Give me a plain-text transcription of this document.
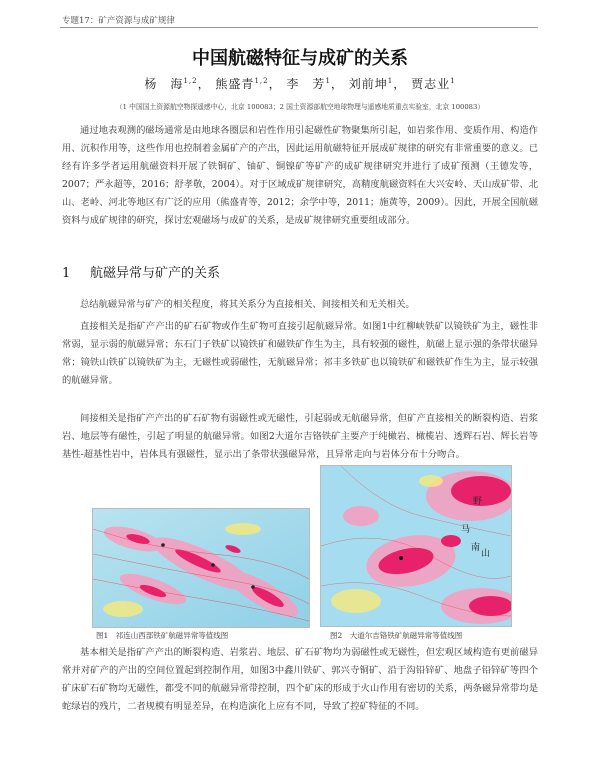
专题17：矿产资源与成矿规律
中国航磁特征与成矿的关系
杨　海$^{1,2}$， 熊盛青$^{1,2}$， 李　芳$^1$， 刘前坤$^1$， 贾志业$^1$
（1 中国国土资源航空物探遥感中心，北京 100083；2 国土资源部航空地球物理与遥感地质重点实验室，北京 100083）

通过地表观测的磁场通常是由地球各圈层和岩性作用引起磁性矿物聚集所引起，如岩浆作用、变质作用、构造作用、沉积作用等，这些作用也控制着金属矿产的产出，因此运用航磁特征开展成矿规律的研究有非常重要的意义。已经有许多学者运用航磁资料开展了铁铜矿、铀矿、铜镍矿等矿产的成矿规律研究并进行了成矿预测（王德发等，2007；严永超等，2016；舒孝敬，2004）。对于区域成矿规律研究，高精度航磁资料在大兴安岭、天山成矿带、北山、老岭、河北等地区有广泛的应用（熊盛青等，2012；余学中等，2011；施黄等，2009）。因此，开展全国航磁资料与成矿规律的研究，探讨宏观磁场与成矿的关系，是成矿规律研究重要组成部分。

1 航磁异常与矿产的关系

总结航磁异常与矿产的相关程度，将其关系分为直接相关、间接相关和无关相关。

直接相关是指矿产产出的矿石矿物或作生矿物可直接引起航磁异常。如图1中红柳峡铁矿以镜铁矿为主，磁性非常弱，显示弱的航磁异常；东石门子铁矿以镜铁矿和磁铁矿作生为主，具有较强的磁性，航磁上显示强的条带状磁异常；镜铁山铁矿以镜铁矿为主，无磁性或弱磁性，无航磁异常；祁丰多铁矿也以镜铁矿和磁铁矿作生为主，显示较强的航磁异常。

间接相关是指矿产产出的矿石矿物有弱磁性或无磁性，引起弱或无航磁异常，但矿产直接相关的断裂构造、岩浆岩、地层等有磁性，引起了明显的航磁异常。如图2大道尔吉铬铁矿主要产于纯橄岩、橄榄岩、透辉石岩、辉长岩等基性-超基性岩中，岩体具有强磁性，显示出了条带状强磁异常，且异常走向与岩体分布十分吻合。

图1　祁连山西部铁矿航磁异常等值线图
野
马
南
山
图2　大道尔吉铬铁矿航磁异常等值线图

基本相关是指矿产产出的断裂构造、岩浆岩、地层、矿石矿物均为弱磁性或无磁性，但宏观区域构造有更前磁异常并对矿产的产出的空间位置起到控制作用，如图3中鑫川铁矿、郭兴寺铜矿、沿于沟铅锌矿、地盘子铅锌矿等四个矿床矿石矿物均无磁性，都受不同的航磁异常带控制，四个矿床的形成于火山作用有密切的关系，两条磁异常带均是蛇绿岩的残片，二者规模有明显差异，在构造演化上应有不同，导致了控矿特征的不同。
